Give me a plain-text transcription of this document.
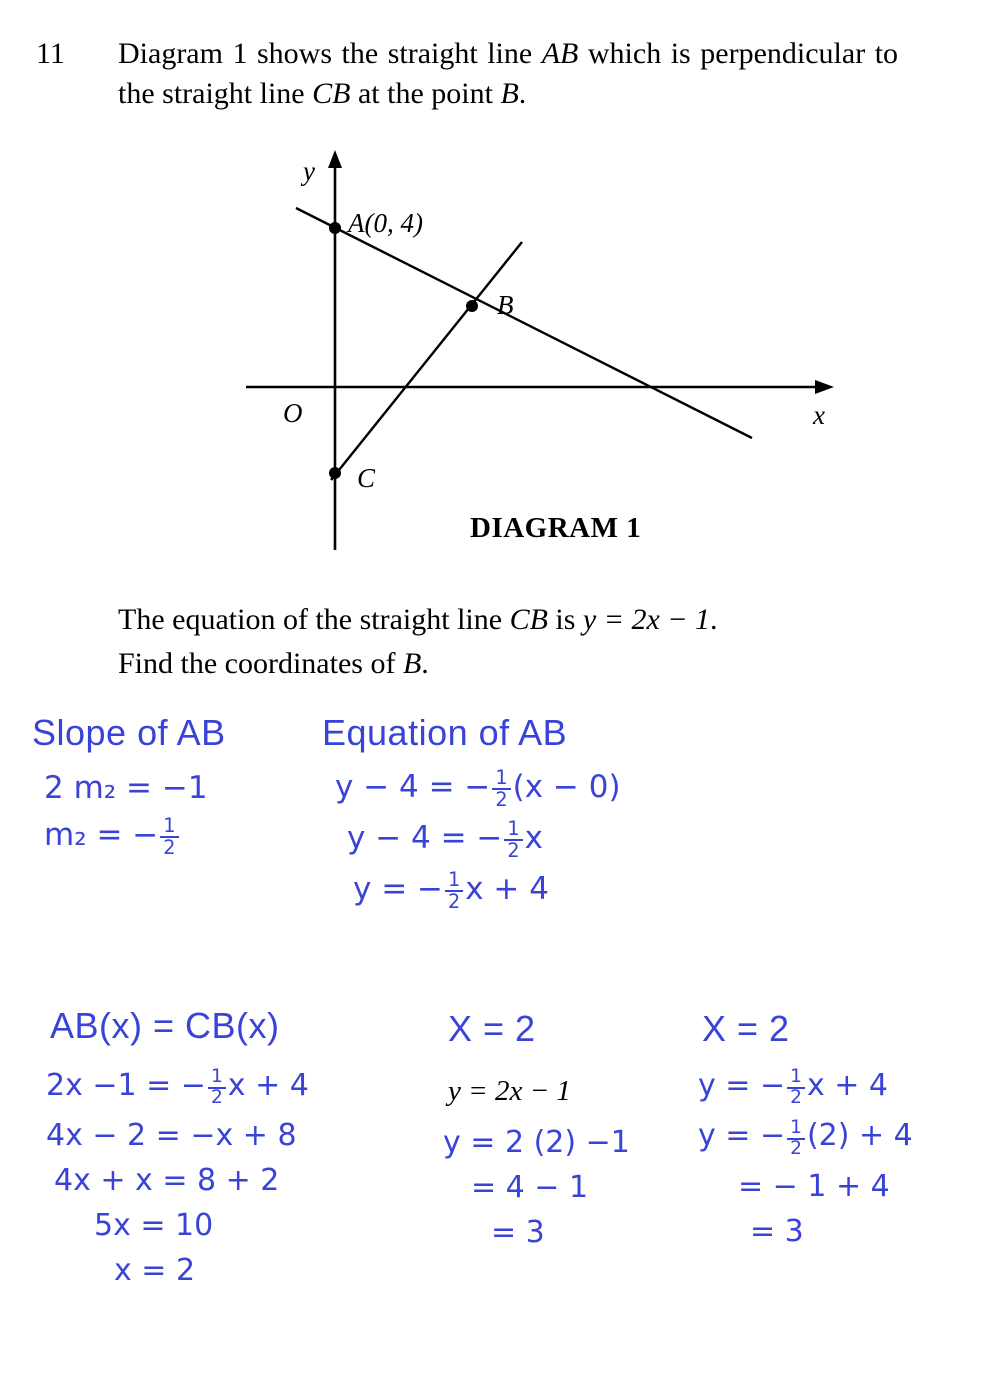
11	Diagram 1 shows the straight line AB which is perpendicular to the straight line CB at the point B.
A(0, 4)
B
C
O
y
x
DIAGRAM 1
The equation of the straight line CB is y = 2x − 1.
Find the coordinates of B.
Slope of AB
2 m₂ = −1
m₂ = − $\frac{1}{2}$
Equation of AB
y − 4 = − $\frac{1}{2} (x - 0)$
y − 4 = − $\frac{1}{2}$ x
y = − $\frac{1}{2}$ x + 4
AB(x) = CB(x)
2x −1 = − $\frac{1}{2}$ x + 4
4x − 2 = −x + 8
4x + x = 8 + 2
5x = 10
x = 2
X = 2
y = 2x − 1
y = 2 (2) −1
= 4 − 1
= 3
X = 2
y = − $\frac{1}{2}$ x + 4
y = − $\frac{1}{2} (2) + 4$
= − 1 + 4
= 3
